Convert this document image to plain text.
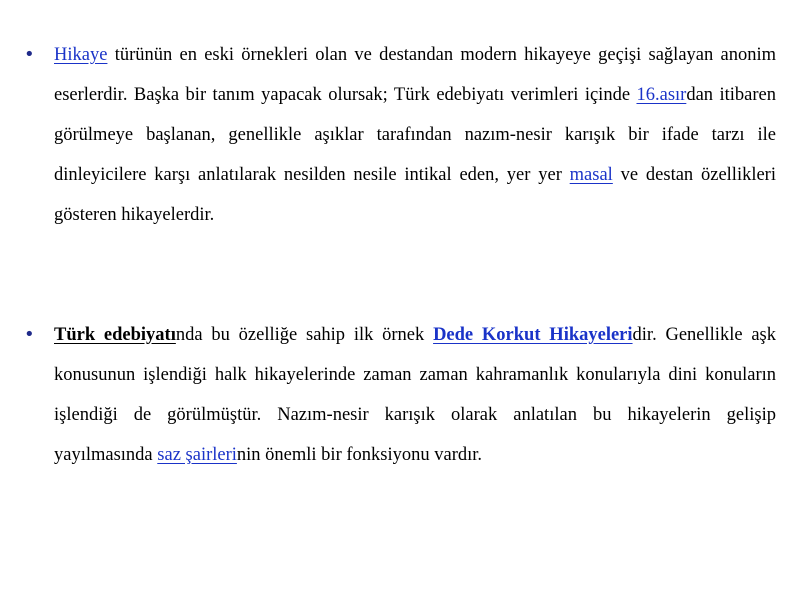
•	Hikaye türünün en eski örnekleri olan ve destandan modern hikayeye geçişi sağlayan anonim eserlerdir. Başka bir tanım yapacak olursak; Türk edebiyatı verimleri içinde 16.asırdan itibaren görülmeye başlanan, genellikle aşıklar tarafından nazım-nesir karışık bir ifade tarzı ile dinleyicilere karşı anlatılarak nesilden nesile intikal eden, yer yer masal ve destan özellikleri gösteren hikayelerdir.
•	Türk edebiyatında bu özelliğe sahip ilk örnek Dede Korkut Hikayeleridir. Genellikle aşk konusunun işlendiği halk hikayelerinde zaman zaman kahramanlık konularıyla dini konuların işlendiği de görülmüştür. Nazım-nesir karışık olarak anlatılan bu hikayelerin gelişip yayılmasında saz şairlerinin önemli bir fonksiyonu vardır.
